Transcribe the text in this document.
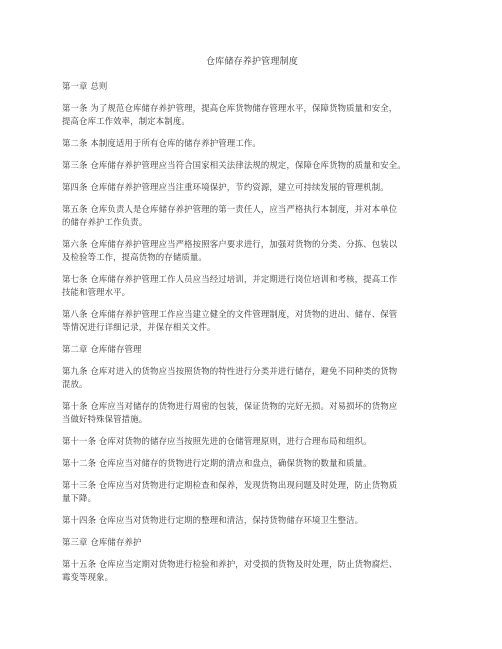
仓库储存养护管理制度
第一章 总则
第一条 为了规范仓库储存养护管理，提高仓库货物储存管理水平，保障货物质量和安全，
提高仓库工作效率，制定本制度。
第二条 本制度适用于所有仓库的储存养护管理工作。
第三条 仓库储存养护管理应当符合国家相关法律法规的规定，保障仓库货物的质量和安全。
第四条 仓库储存养护管理应当注重环境保护，节约资源，建立可持续发展的管理机制。
第五条 仓库负责人是仓库储存养护管理的第一责任人，应当严格执行本制度，并对本单位
的储存养护工作负责。
第六条 仓库储存养护管理应当严格按照客户要求进行，加强对货物的分类、分拣、包装以
及检验等工作，提高货物的存储质量。
第七条 仓库储存养护管理工作人员应当经过培训，并定期进行岗位培训和考核，提高工作
技能和管理水平。
第八条 仓库储存养护管理工作应当建立健全的文件管理制度，对货物的进出、储存、保管
等情况进行详细记录，并保存相关文件。
第二章 仓库储存管理
第九条 仓库对进入的货物应当按照货物的特性进行分类并进行储存，避免不同种类的货物
混放。
第十条 仓库应当对储存的货物进行周密的包装，保证货物的完好无损。对易损坏的货物应
当做好特殊保管措施。
第十一条 仓库对货物的储存应当按照先进的仓储管理原则，进行合理布局和组织。
第十二条 仓库应当对储存的货物进行定期的清点和盘点，确保货物的数量和质量。
第十三条 仓库应当对货物进行定期检查和保养，发现货物出现问题及时处理，防止货物质
量下降。
第十四条 仓库应当对货物进行定期的整理和清洁，保持货物储存环境卫生整洁。
第三章 仓库储存养护
第十五条 仓库应当定期对货物进行检验和养护，对受损的货物及时处理，防止货物腐烂、
霉变等现象。
